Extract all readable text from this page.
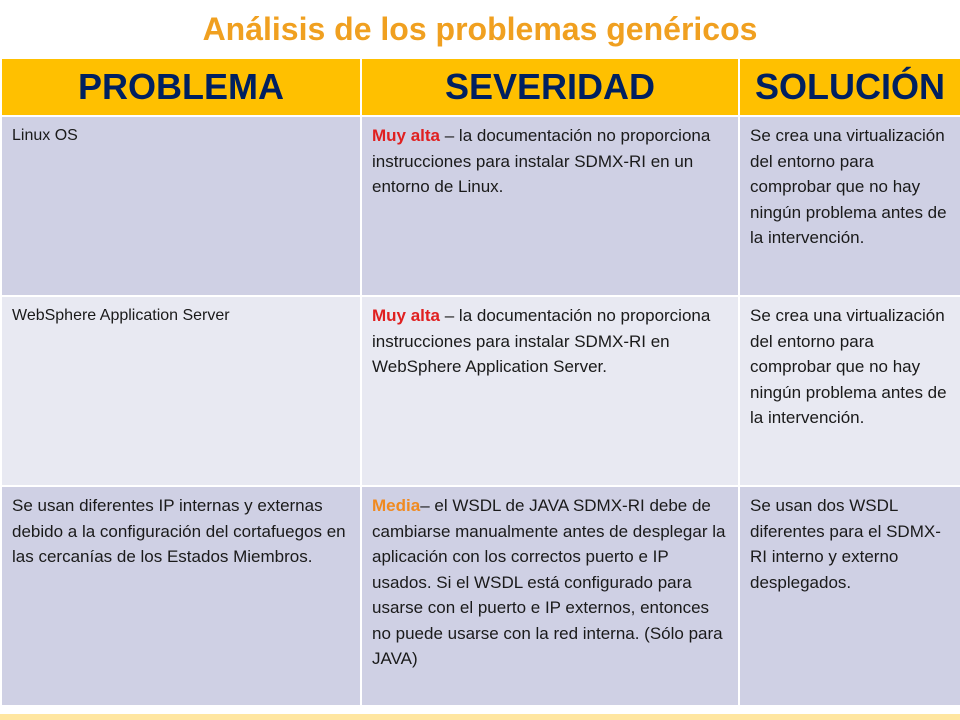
Análisis de los problemas genéricos
PROBLEMA	SEVERIDAD	SOLUCIÓN
Linux OS	Muy alta – la documentación no proporciona instrucciones para instalar SDMX-RI en un entorno de Linux.	Se crea una virtualización del entorno para comprobar que no hay ningún problema antes de la intervención.
WebSphere Application Server	Muy alta – la documentación no proporciona instrucciones para instalar SDMX-RI en WebSphere Application Server.	Se crea una virtualización del entorno para comprobar que no hay ningún problema antes de la intervención.
Se usan diferentes IP internas y externas debido a la configuración del cortafuegos en las cercanías de los Estados Miembros.	Media– el WSDL de JAVA SDMX-RI debe de cambiarse manualmente antes de desplegar la aplicación con los correctos puerto e IP usados. Si el WSDL está configurado para usarse con el puerto e IP externos, entonces no puede usarse con la red interna. (Sólo para JAVA)	Se usan dos WSDL diferentes para el SDMX-RI interno y externo desplegados.
